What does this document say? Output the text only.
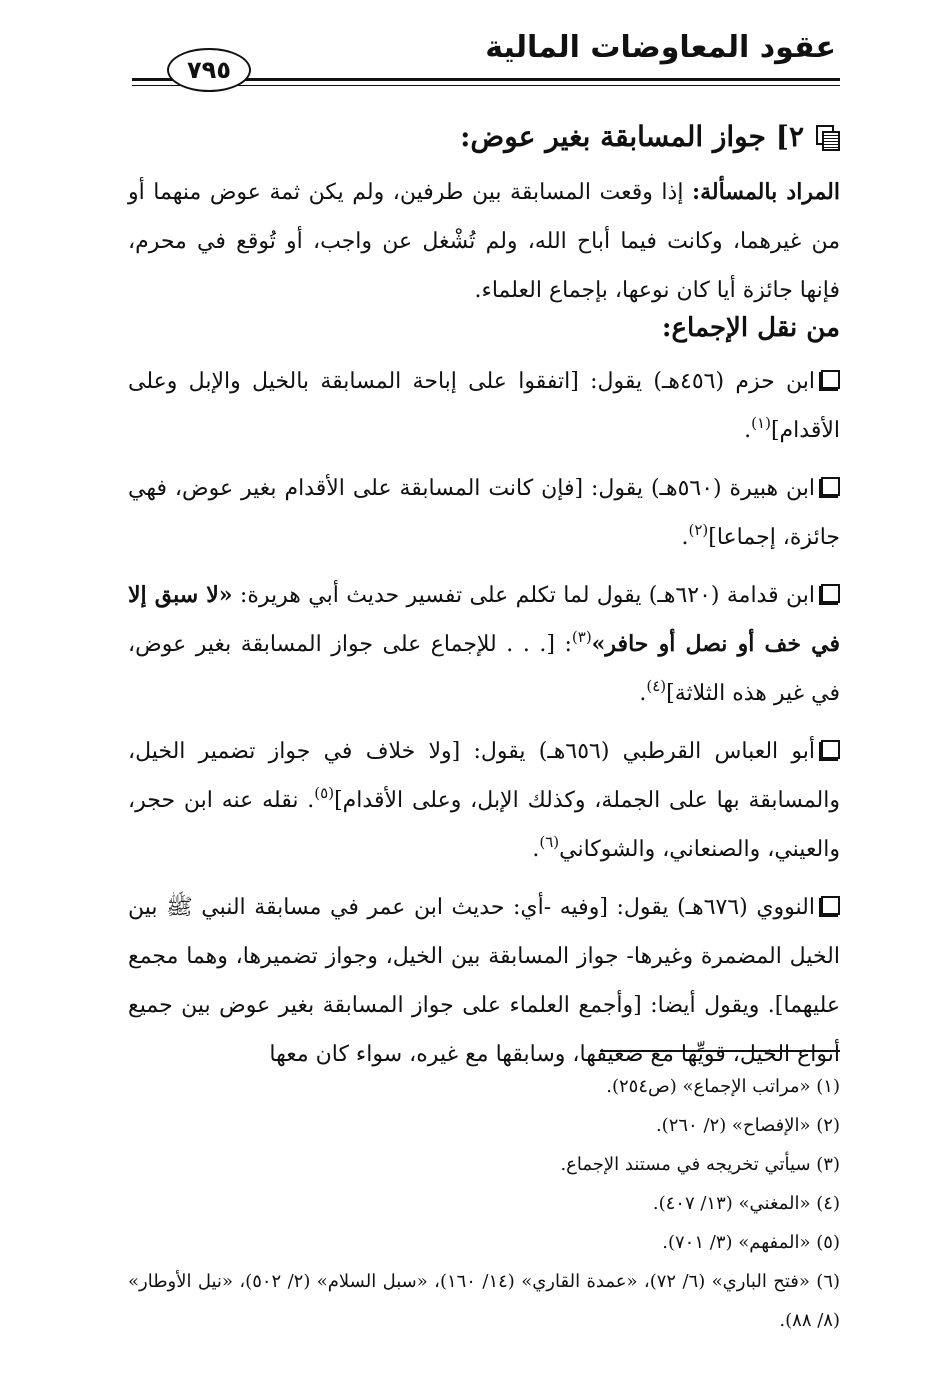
عقود المعاوضات المالية
٧٩٥
٢] جواز المسابقة بغير عوض:

المراد بالمسألة: إذا وقعت المسابقة بين طرفين، ولم يكن ثمة عوض منهما أو من غيرهما، وكانت فيما أباح الله، ولم تُشْغل عن واجب، أو تُوقع في محرم، فإنها جائزة أيا كان نوعها، بإجماع العلماء.

من نقل الإجماع:

ابن حزم (٤٥٦هـ) يقول: [اتفقوا على إباحة المسابقة بالخيل والإبل وعلى الأقدام]$^{(١)}$.

ابن هبيرة (٥٦٠هـ) يقول: [فإن كانت المسابقة على الأقدام بغير عوض، فهي جائزة، إجماعا]$^{(٢)}$.

ابن قدامة (٦٢٠هـ) يقول لما تكلم على تفسير حديث أبي هريرة: «لا سبق إلا في خف أو نصل أو حافر»$^{(٣)}$: [. . . للإجماع على جواز المسابقة بغير عوض، في غير هذه الثلاثة]$^{(٤)}$.

أبو العباس القرطبي (٦٥٦هـ) يقول: [ولا خلاف في جواز تضمير الخيل، والمسابقة بها على الجملة، وكذلك الإبل، وعلى الأقدام]$^{(٥)}$. نقله عنه ابن حجر، والعيني، والصنعاني، والشوكاني$^{(٦)}$.

النووي (٦٧٦هـ) يقول: [وفيه -أي: حديث ابن عمر في مسابقة النبي ﷺ بين الخيل المضمرة وغيرها- جواز المسابقة بين الخيل، وجواز تضميرها، وهما مجمع عليهما]. ويقول أيضا: [وأجمع العلماء على جواز المسابقة بغير عوض بين جميع أنواع الخيل، قويِّها مع ضعيفها، وسابقها مع غيره، سواء كان معها

(١) «مراتب الإجماع» (ص٢٥٤).

(٢) «الإفصاح» (٢/ ٢٦٠).

(٣) سيأتي تخريجه في مستند الإجماع.

(٤) «المغني» (١٣/ ٤٠٧).

(٥) «المفهم» (٣/ ٧٠١).

(٦) «فتح الباري» (٦/ ٧٢)، «عمدة القاري» (١٤/ ١٦٠)، «سبل السلام» (٢/ ٥٠٢)، «نيل الأوطار» (٨/ ٨٨).
